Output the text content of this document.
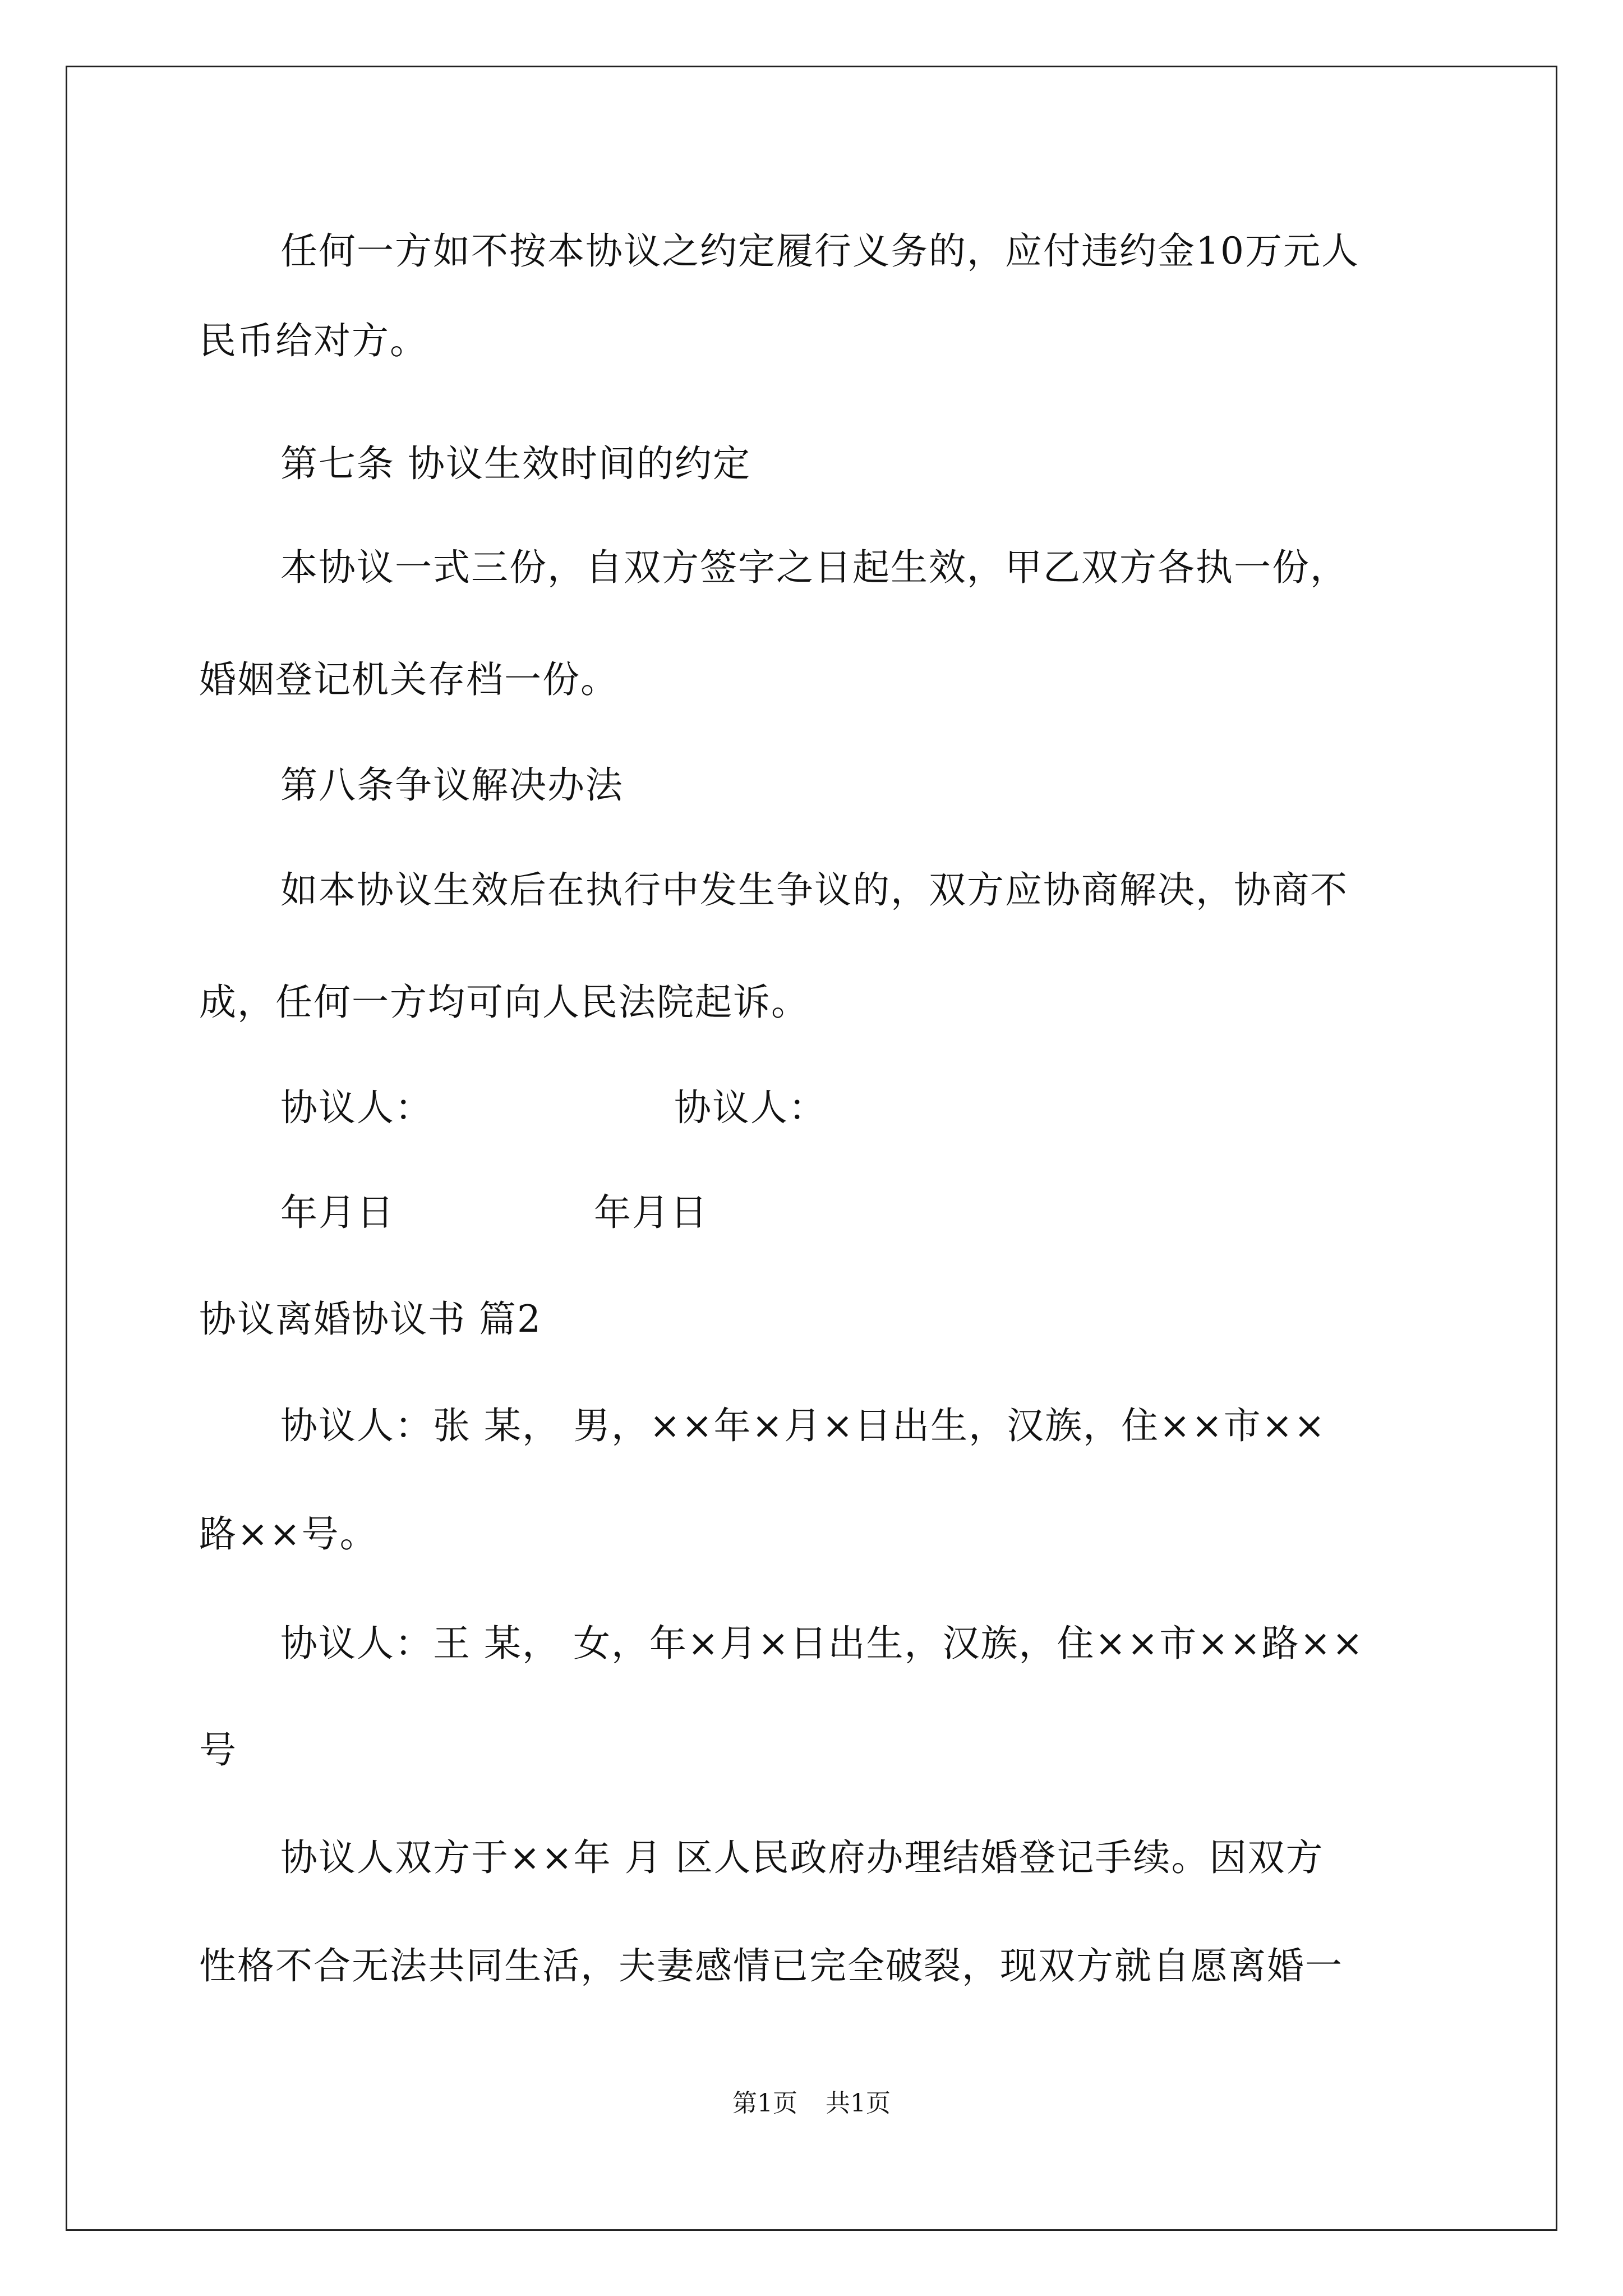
任何一方如不按本协议之约定履行义务的，应付违约金10万元人
民币给对方。
第七条 协议生效时间的约定
本协议一式三份，自双方签字之日起生效，甲乙双方各执一份，
婚姻登记机关存档一份。
第八条争议解决办法
如本协议生效后在执行中发生争议的，双方应协商解决，协商不
成，任何一方均可向人民法院起诉。
协议人：	协议人：
年月日	年月日
协议离婚协议书 篇2
协议人：张 某， 男，××年×月×日出生，汉族，住××市××
路××号。
协议人：王 某， 女，年×月×日出生，汉族，住××市××路××
号
协议人双方于××年 月 区人民政府办理结婚登记手续。因双方
性格不合无法共同生活，夫妻感情已完全破裂，现双方就自愿离婚一
第1页 共1页
